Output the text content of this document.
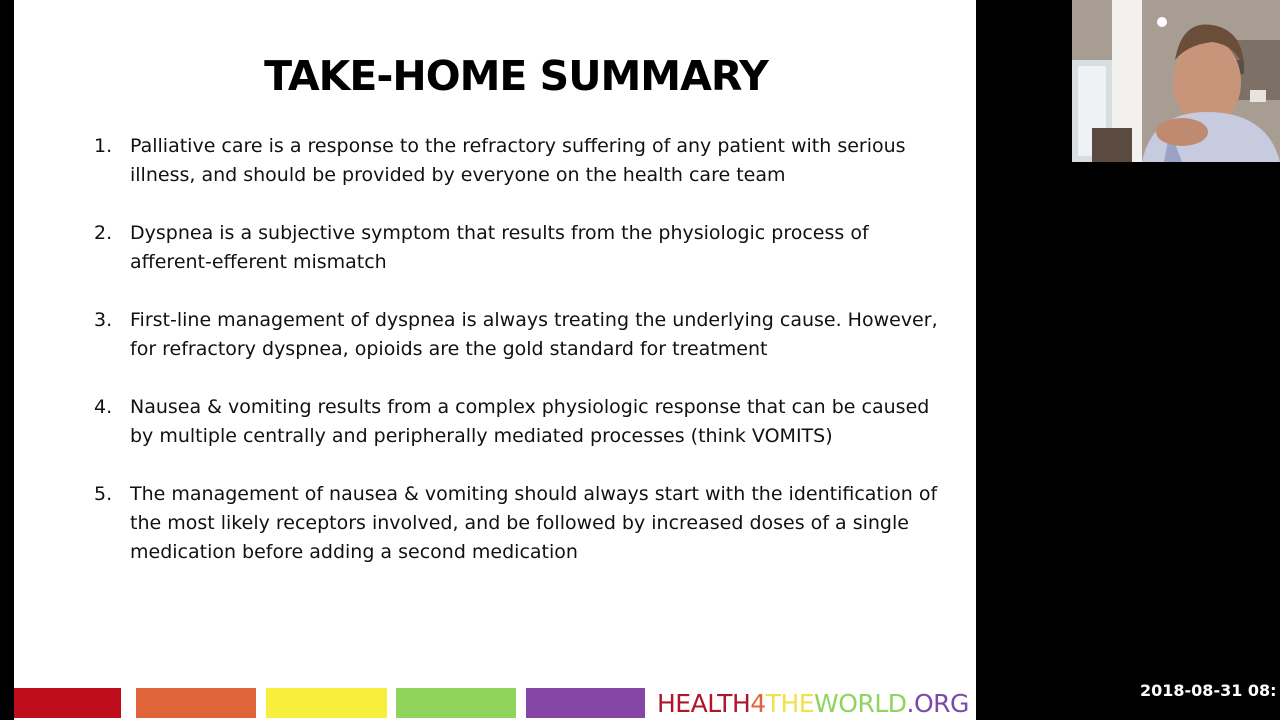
TAKE-HOME SUMMARY
1. Palliative care is a response to the refractory suffering of any patient with serious illness, and should be provided by everyone on the health care team
2. Dyspnea is a subjective symptom that results from the physiologic process of afferent-efferent mismatch
3. First-line management of dyspnea is always treating the underlying cause. However, for refractory dyspnea, opioids are the gold standard for treatment
4. Nausea & vomiting results from a complex physiologic response that can be caused by multiple centrally and peripherally mediated processes (think VOMITS)
5. The management of nausea & vomiting should always start with the identification of the most likely receptors involved, and be followed by increased doses of a single medication before adding a second medication
HEALTH4THEWORLD.ORG	2018-08-31 08:
